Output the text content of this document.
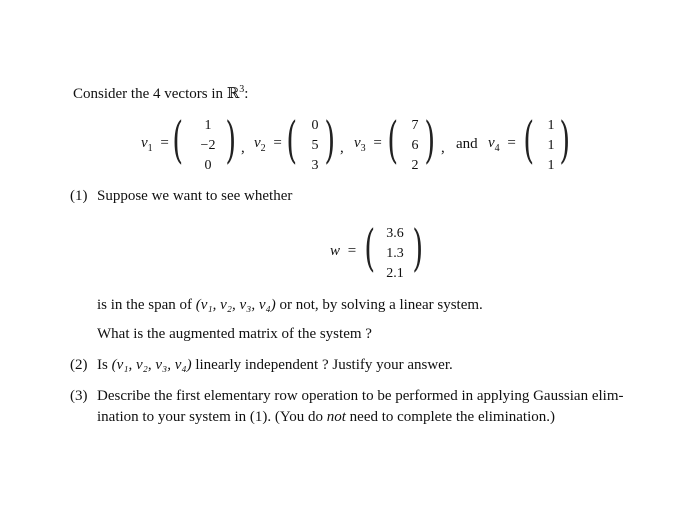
Consider the 4 vectors in ℝ$^3$:
$v_1$ = (	1
−2
0 ) , $v_2$ = (	0
5
3 ) , $v_3$ = ( 7
6
2 ) , and $v_4$ = ( 1
1
1 )
(1) Suppose we want to see whether
w = ( 3.6
1.3
2.1 )
is in the span of (v₁, v₂, v₃, v₄) or not, by solving a linear system.
What is the augmented matrix of the system ?
(2) Is (v₁, v₂, v₃, v₄) linearly independent ? Justify your answer.
(3) Describe the first elementary row operation to be performed in applying Gaussian elim-
ination to your system in (1). (You do not need to complete the elimination.)
